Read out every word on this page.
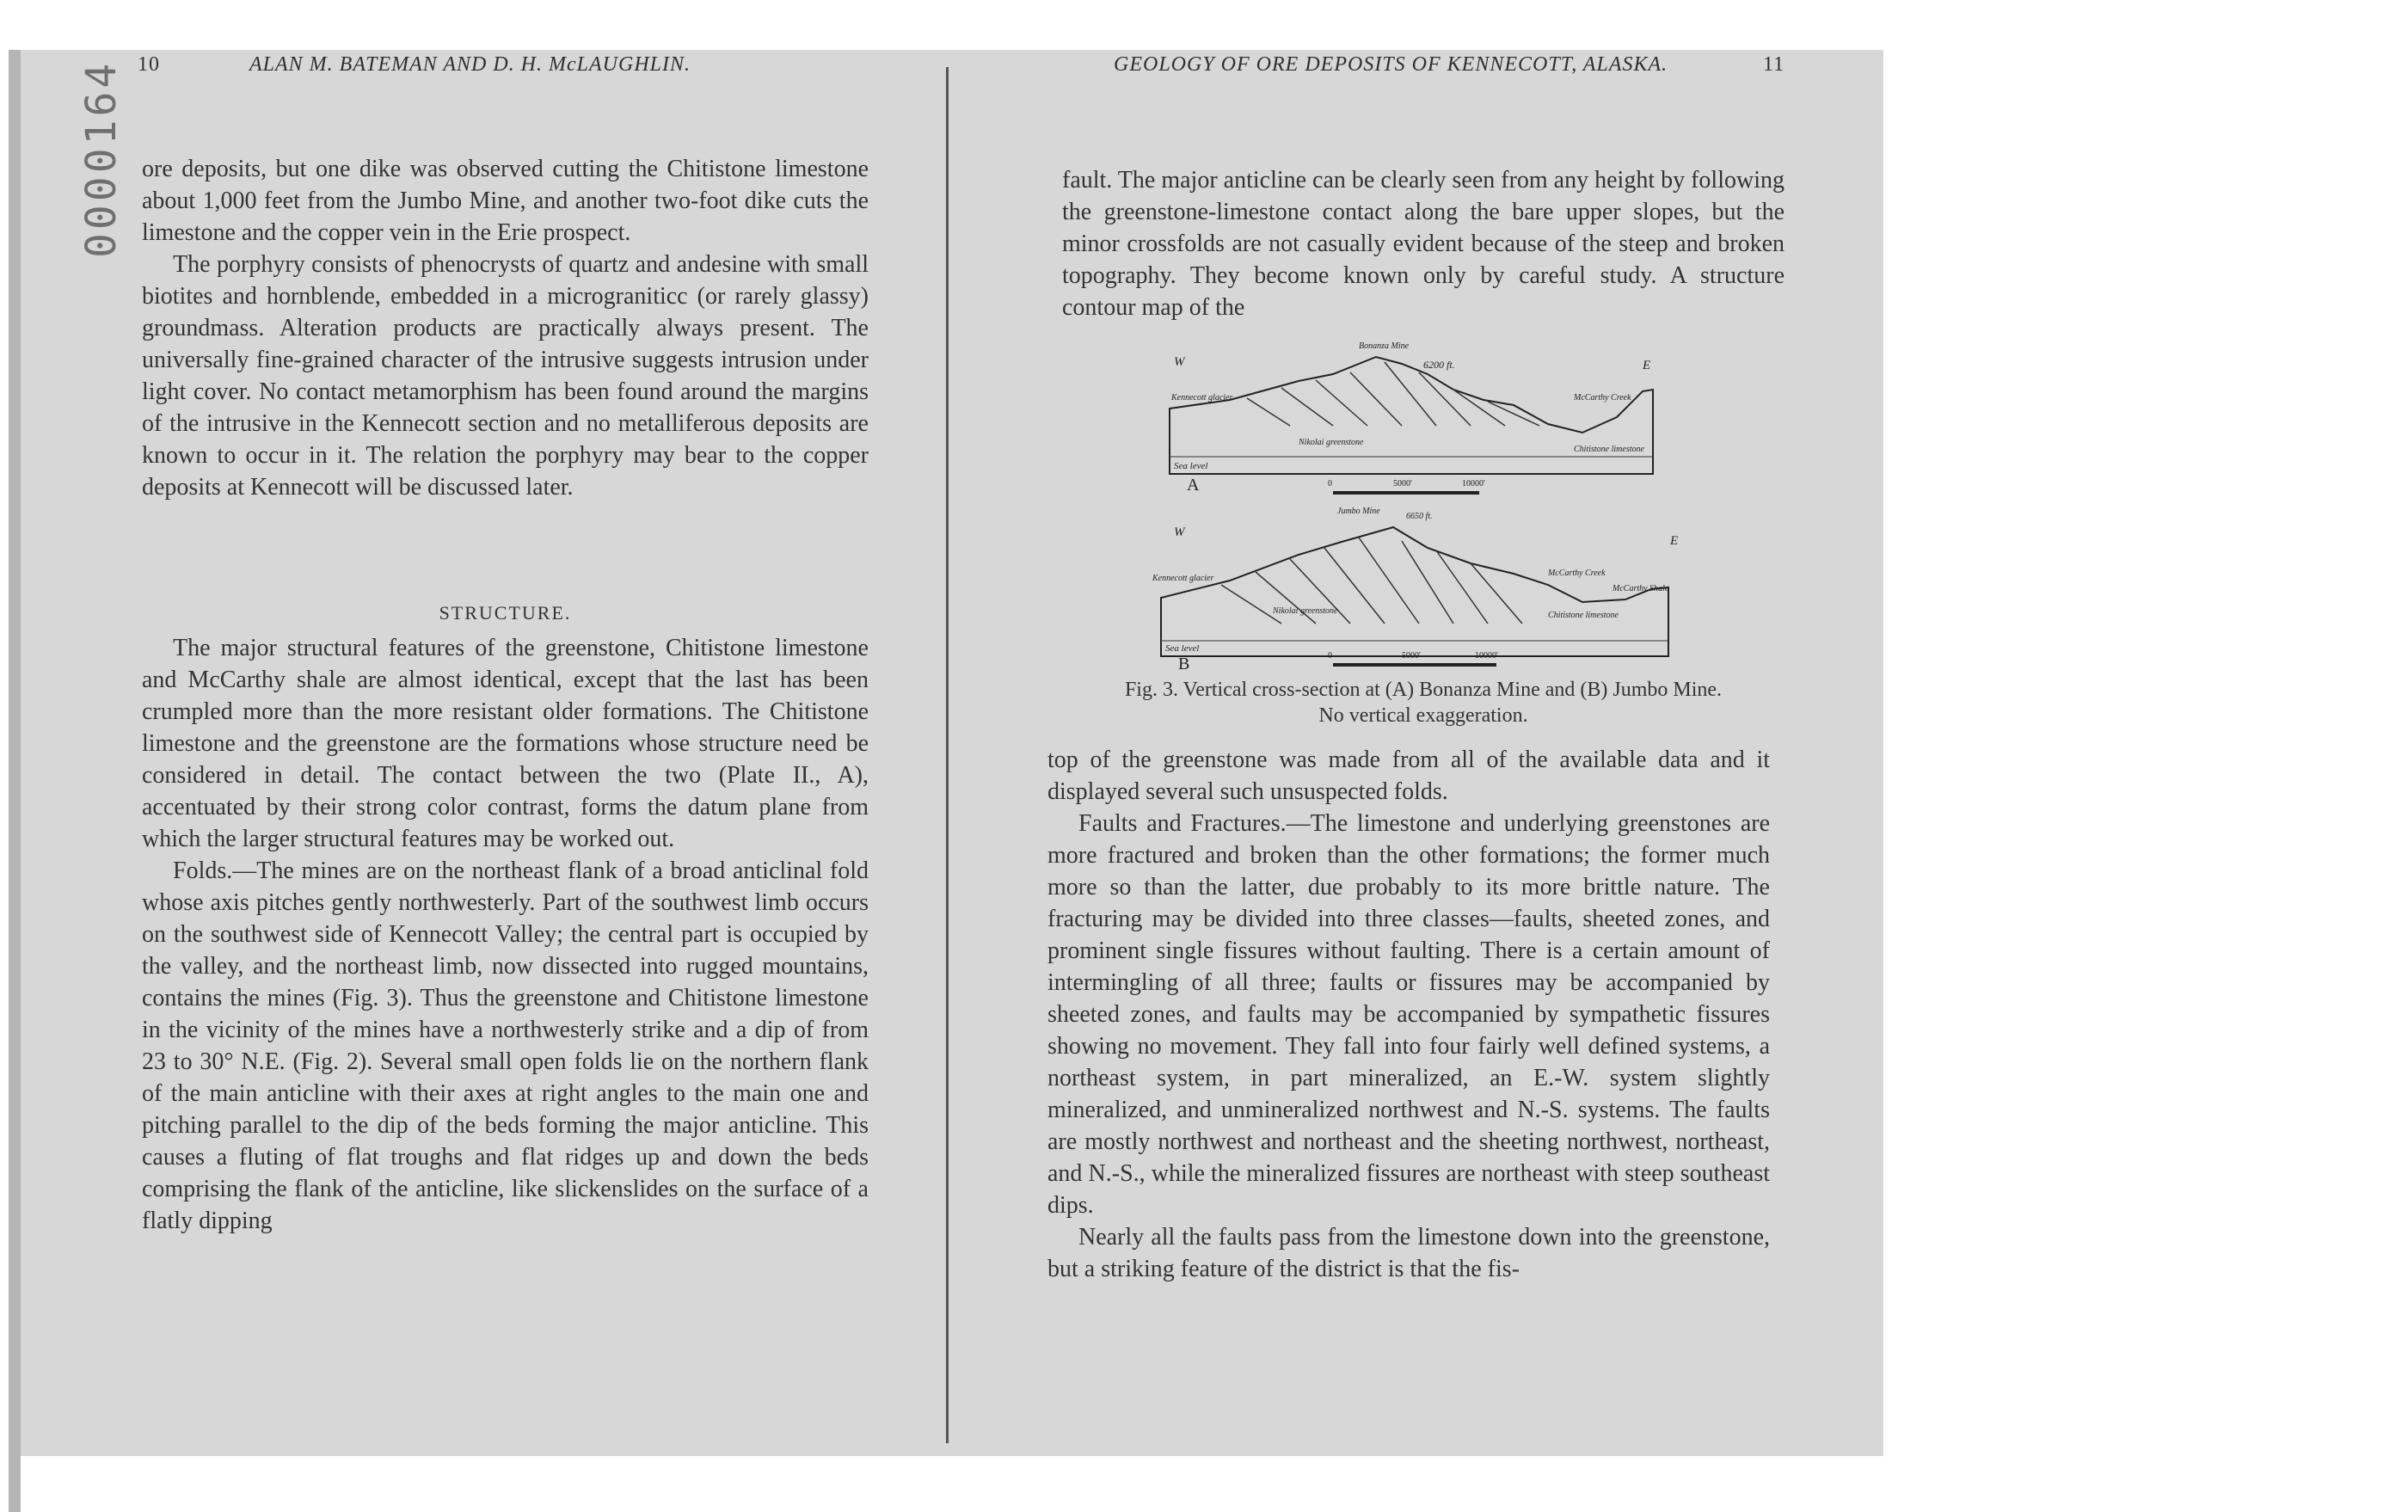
0000164 10	ALAN M. BATEMAN AND D. H. McLAUGHLIN.

ore deposits, but one dike was observed cutting the Chitistone limestone about 1,000 feet from the Jumbo Mine, and another two-foot dike cuts the limestone and the copper vein in the Erie prospect.

The porphyry consists of phenocrysts of quartz and andesine with small biotites and hornblende, embedded in a micrograniticc (or rarely glassy) groundmass. Alteration products are practically always present. The universally fine-grained character of the intrusive suggests intrusion under light cover. No contact metamorphism has been found around the margins of the intrusive in the Kennecott section and no metalliferous deposits are known to occur in it. The relation the porphyry may bear to the copper deposits at Kennecott will be discussed later.

STRUCTURE.

The major structural features of the greenstone, Chitistone limestone and McCarthy shale are almost identical, except that the last has been crumpled more than the more resistant older formations. The Chitistone limestone and the greenstone are the formations whose structure need be considered in detail. The contact between the two (Plate II., A), accentuated by their strong color contrast, forms the datum plane from which the larger structural features may be worked out.

Folds.—The mines are on the northeast flank of a broad anticlinal fold whose axis pitches gently northwesterly. Part of the southwest limb occurs on the southwest side of Kennecott Valley; the central part is occupied by the valley, and the northeast limb, now dissected into rugged mountains, contains the mines (Fig. 3). Thus the greenstone and Chitistone limestone in the vicinity of the mines have a northwesterly strike and a dip of from 23 to 30° N.E. (Fig. 2). Several small open folds lie on the northern flank of the main anticline with their axes at right angles to the main one and pitching parallel to the dip of the beds forming the major anticline. This causes a fluting of flat troughs and flat ridges up and down the beds comprising the flank of the anticline, like slickenslides on the surface of a flatly dipping

GEOLOGY OF ORE DEPOSITS OF KENNECOTT, ALASKA.	11

fault. The major anticline can be clearly seen from any height by following the greenstone-limestone contact along the bare upper slopes, but the minor crossfolds are not casually evident because of the steep and broken topography. They become known only by careful study. A structure contour map of the

W	E
Bonanza Mine
6200 ft.
Kennecott glacier	McCarthy Creek
Nikolai greenstone
Chitistone limestone
Sea level
A	0	5000'	10000'
W
E
Jumbo Mine
6650 ft.
Kennecott glacier
McCarthy Creek
McCarthy Shale
Nikolai greenstone	Chitistone limestone
Sea level
B	0	5000'	10000'
Fig. 3. Vertical cross-section at (A) Bonanza Mine and (B) Jumbo Mine.
No vertical exaggeration.

top of the greenstone was made from all of the available data and it displayed several such unsuspected folds.

Faults and Fractures.—The limestone and underlying greenstones are more fractured and broken than the other formations; the former much more so than the latter, due probably to its more brittle nature. The fracturing may be divided into three classes—faults, sheeted zones, and prominent single fissures without faulting. There is a certain amount of intermingling of all three; faults or fissures may be accompanied by sheeted zones, and faults may be accompanied by sympathetic fissures showing no movement. They fall into four fairly well defined systems, a northeast system, in part mineralized, an E.-W. system slightly mineralized, and unmineralized northwest and N.-S. systems. The faults are mostly northwest and northeast and the sheeting northwest, northeast, and N.-S., while the mineralized fissures are northeast with steep southeast dips.

Nearly all the faults pass from the limestone down into the greenstone, but a striking feature of the district is that the fis-
